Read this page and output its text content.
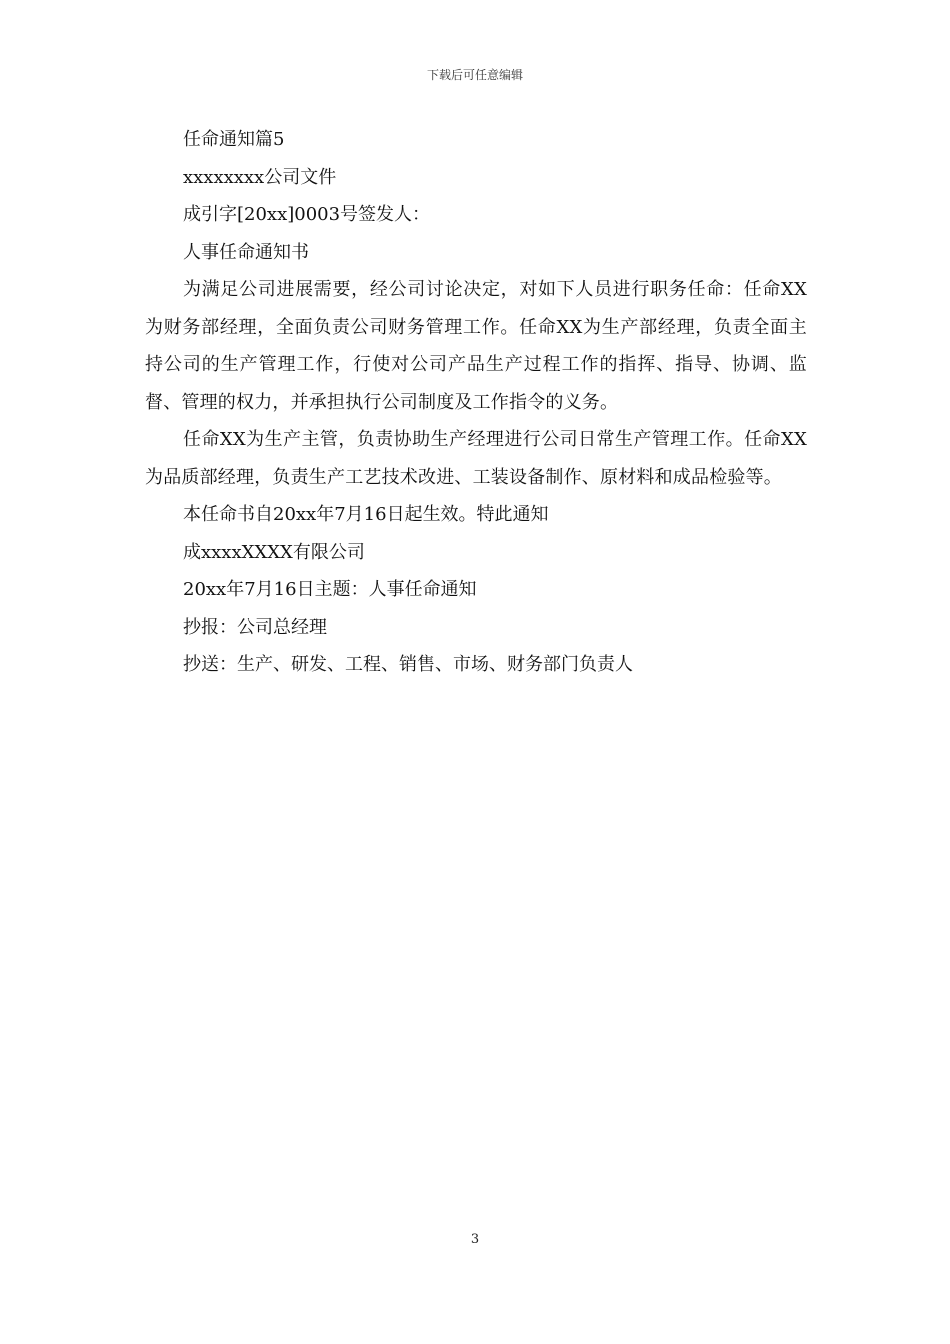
下载后可任意编辑

任命通知篇5

xxxxxxxx公司文件

成引字[20xx]0003号签发人：

人事任命通知书

为满足公司进展需要，经公司讨论决定，对如下人员进行职务任命：任命XX为财务部经理，全面负责公司财务管理工作。任命XX为生产部经理，负责全面主持公司的生产管理工作，行使对公司产品生产过程工作的指挥、指导、协调、监督、管理的权力，并承担执行公司制度及工作指令的义务。

任命XX为生产主管，负责协助生产经理进行公司日常生产管理工作。任命XX为品质部经理，负责生产工艺技术改进、工装设备制作、原材料和成品检验等。

本任命书自20xx年7月16日起生效。特此通知

成xxxxXXXX有限公司

20xx年7月16日主题：人事任命通知

抄报：公司总经理

抄送：生产、研发、工程、销售、市场、财务部门负责人

3
